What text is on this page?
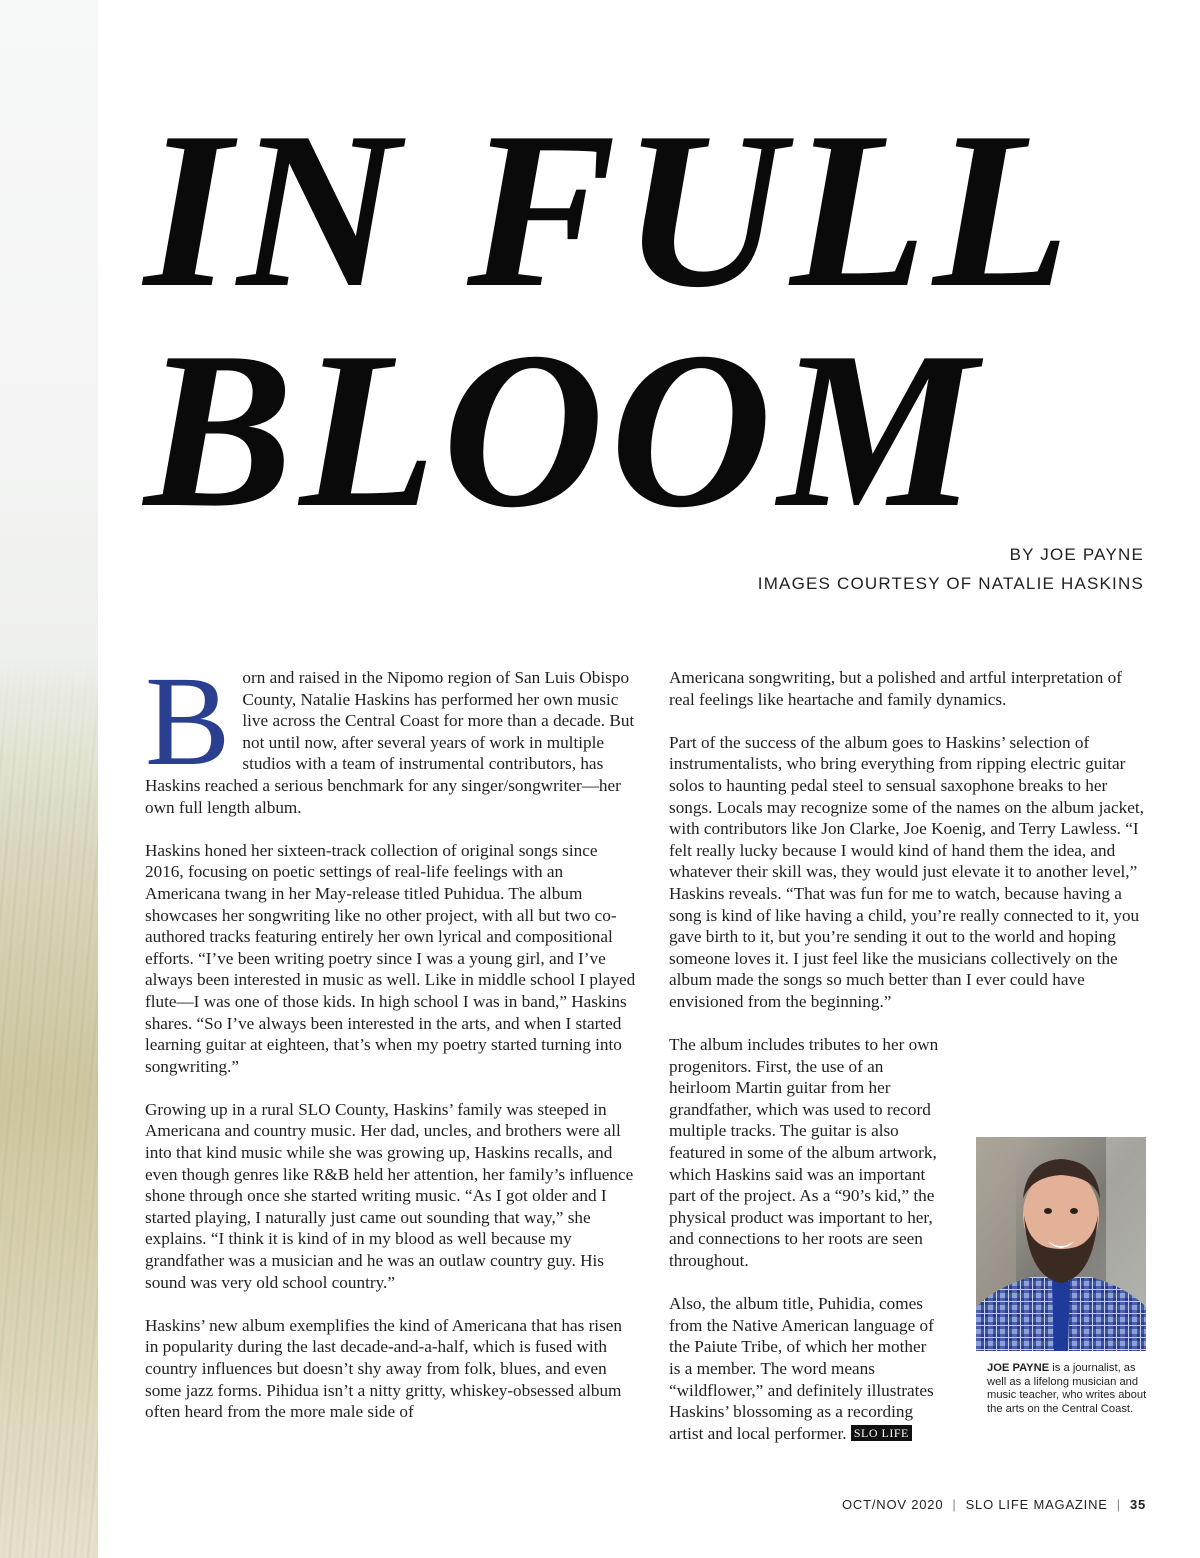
IN FULL
BLOOM
BY JOE PAYNE
IMAGES COURTESY OF NATALIE HASKINS

Born and raised in the Nipomo region of San Luis Obispo County, Natalie Haskins has performed her own music live across the Central Coast for more than a decade. But not until now, after several years of work in multiple studios with a team of instrumental contributors, has Haskins reached a serious benchmark for any singer/songwriter—her own full length album.

Haskins honed her sixteen-track collection of original songs since 2016, focusing on poetic settings of real-life feelings with an Americana twang in her May-release titled Puhidua. The album showcases her songwriting like no other project, with all but two co-authored tracks featuring entirely her own lyrical and compositional efforts. “I’ve been writing poetry since I was a young girl, and I’ve always been interested in music as well. Like in middle school I played flute—I was one of those kids. In high school I was in band,” Haskins shares. “So I’ve always been interested in the arts, and when I started learning guitar at eighteen, that’s when my poetry started turning into songwriting.”

Growing up in a rural SLO County, Haskins’ family was steeped in Americana and country music. Her dad, uncles, and brothers were all into that kind music while she was growing up, Haskins recalls, and even though genres like R&B held her attention, her family’s influence shone through once she started writing music. “As I got older and I started playing, I naturally just came out sounding that way,” she explains. “I think it is kind of in my blood as well because my grandfather was a musician and he was an outlaw country guy. His sound was very old school country.”

Haskins’ new album exemplifies the kind of Americana that has risen in popularity during the last decade-and-a-half, which is fused with country influences but doesn’t shy away from folk, blues, and even some jazz forms. Pihidua isn’t a nitty gritty, whiskey-obsessed album often heard from the more male side of

Americana songwriting, but a polished and artful interpretation of real feelings like heartache and family dynamics.

Part of the success of the album goes to Haskins’ selection of instrumentalists, who bring everything from ripping electric guitar solos to haunting pedal steel to sensual saxophone breaks to her songs. Locals may recognize some of the names on the album jacket, with contributors like Jon Clarke, Joe Koenig, and Terry Lawless. “I felt really lucky because I would kind of hand them the idea, and whatever their skill was, they would just elevate it to another level,” Haskins reveals. “That was fun for me to watch, because having a song is kind of like having a child, you’re really connected to it, you gave birth to it, but you’re sending it out to the world and hoping someone loves it. I just feel like the musicians collectively on the album made the songs so much better than I ever could have envisioned from the beginning.”

The album includes tributes to her own progenitors. First, the use of an heirloom Martin guitar from her grandfather, which was used to record multiple tracks. The guitar is also featured in some of the album artwork, which Haskins said was an important part of the project. As a “90’s kid,” the physical product was important to her, and connections to her roots are seen throughout.

Also, the album title, Puhidia, comes from the Native American language of the Paiute Tribe, of which her mother is a member. The word means “wildflower,” and definitely illustrates Haskins’ blossoming as a recording artist and local performer. SLO LIFE

JOE PAYNE is a journalist, as well as a lifelong musician and music teacher, who writes about the arts on the Central Coast.
OCT/NOV 2020 | SLO LIFE MAGAZINE | 35
